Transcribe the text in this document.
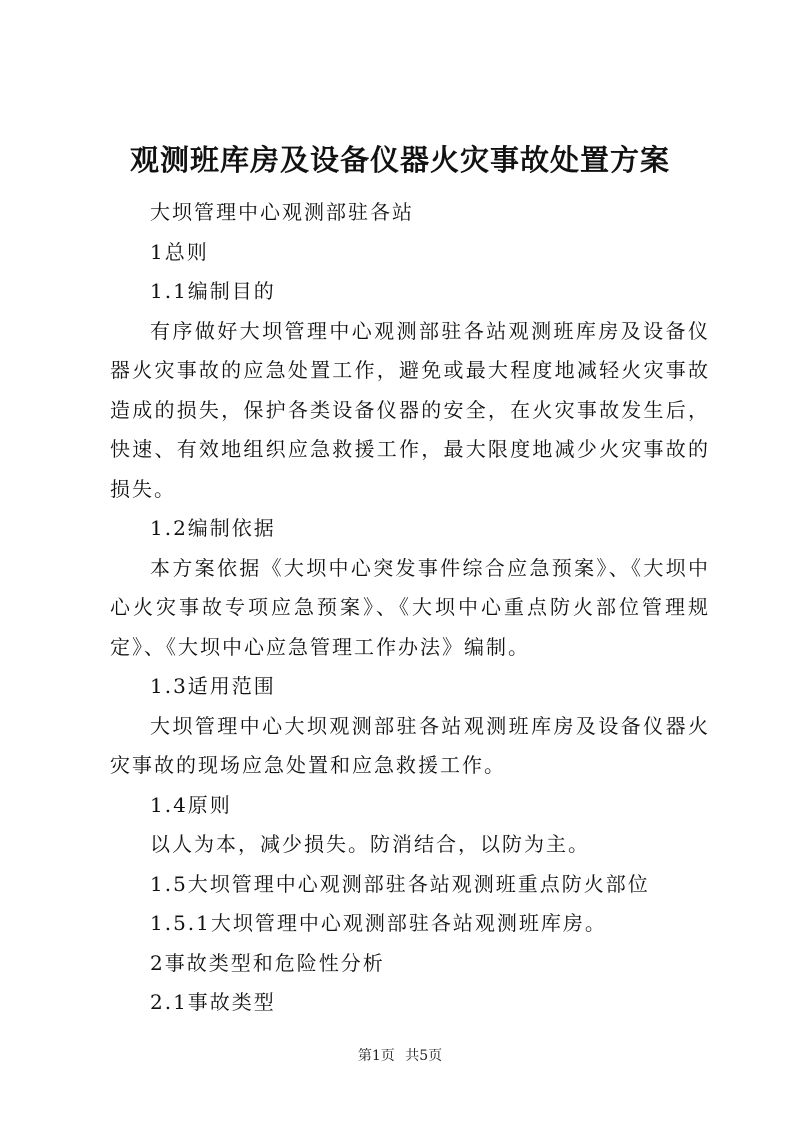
观测班库房及设备仪器火灾事故处置方案

大坝管理中心观测部驻各站

1总则

1.1编制目的

有序做好大坝管理中心观测部驻各站观测班库房及设备仪器火灾事故的应急处置工作，避免或最大程度地减轻火灾事故造成的损失，保护各类设备仪器的安全，在火灾事故发生后，快速、有效地组织应急救援工作，最大限度地减少火灾事故的损失。

1.2编制依据

本方案依据《大坝中心突发事件综合应急预案》、《大坝中心火灾事故专项应急预案》、《大坝中心重点防火部位管理规定》、《大坝中心应急管理工作办法》编制。

1.3适用范围

大坝管理中心大坝观测部驻各站观测班库房及设备仪器火灾事故的现场应急处置和应急救援工作。

1.4原则

以人为本，减少损失。防消结合，以防为主。

1.5大坝管理中心观测部驻各站观测班重点防火部位

1.5.1大坝管理中心观测部驻各站观测班库房。

2事故类型和危险性分析

2.1事故类型

第1页 共5页
